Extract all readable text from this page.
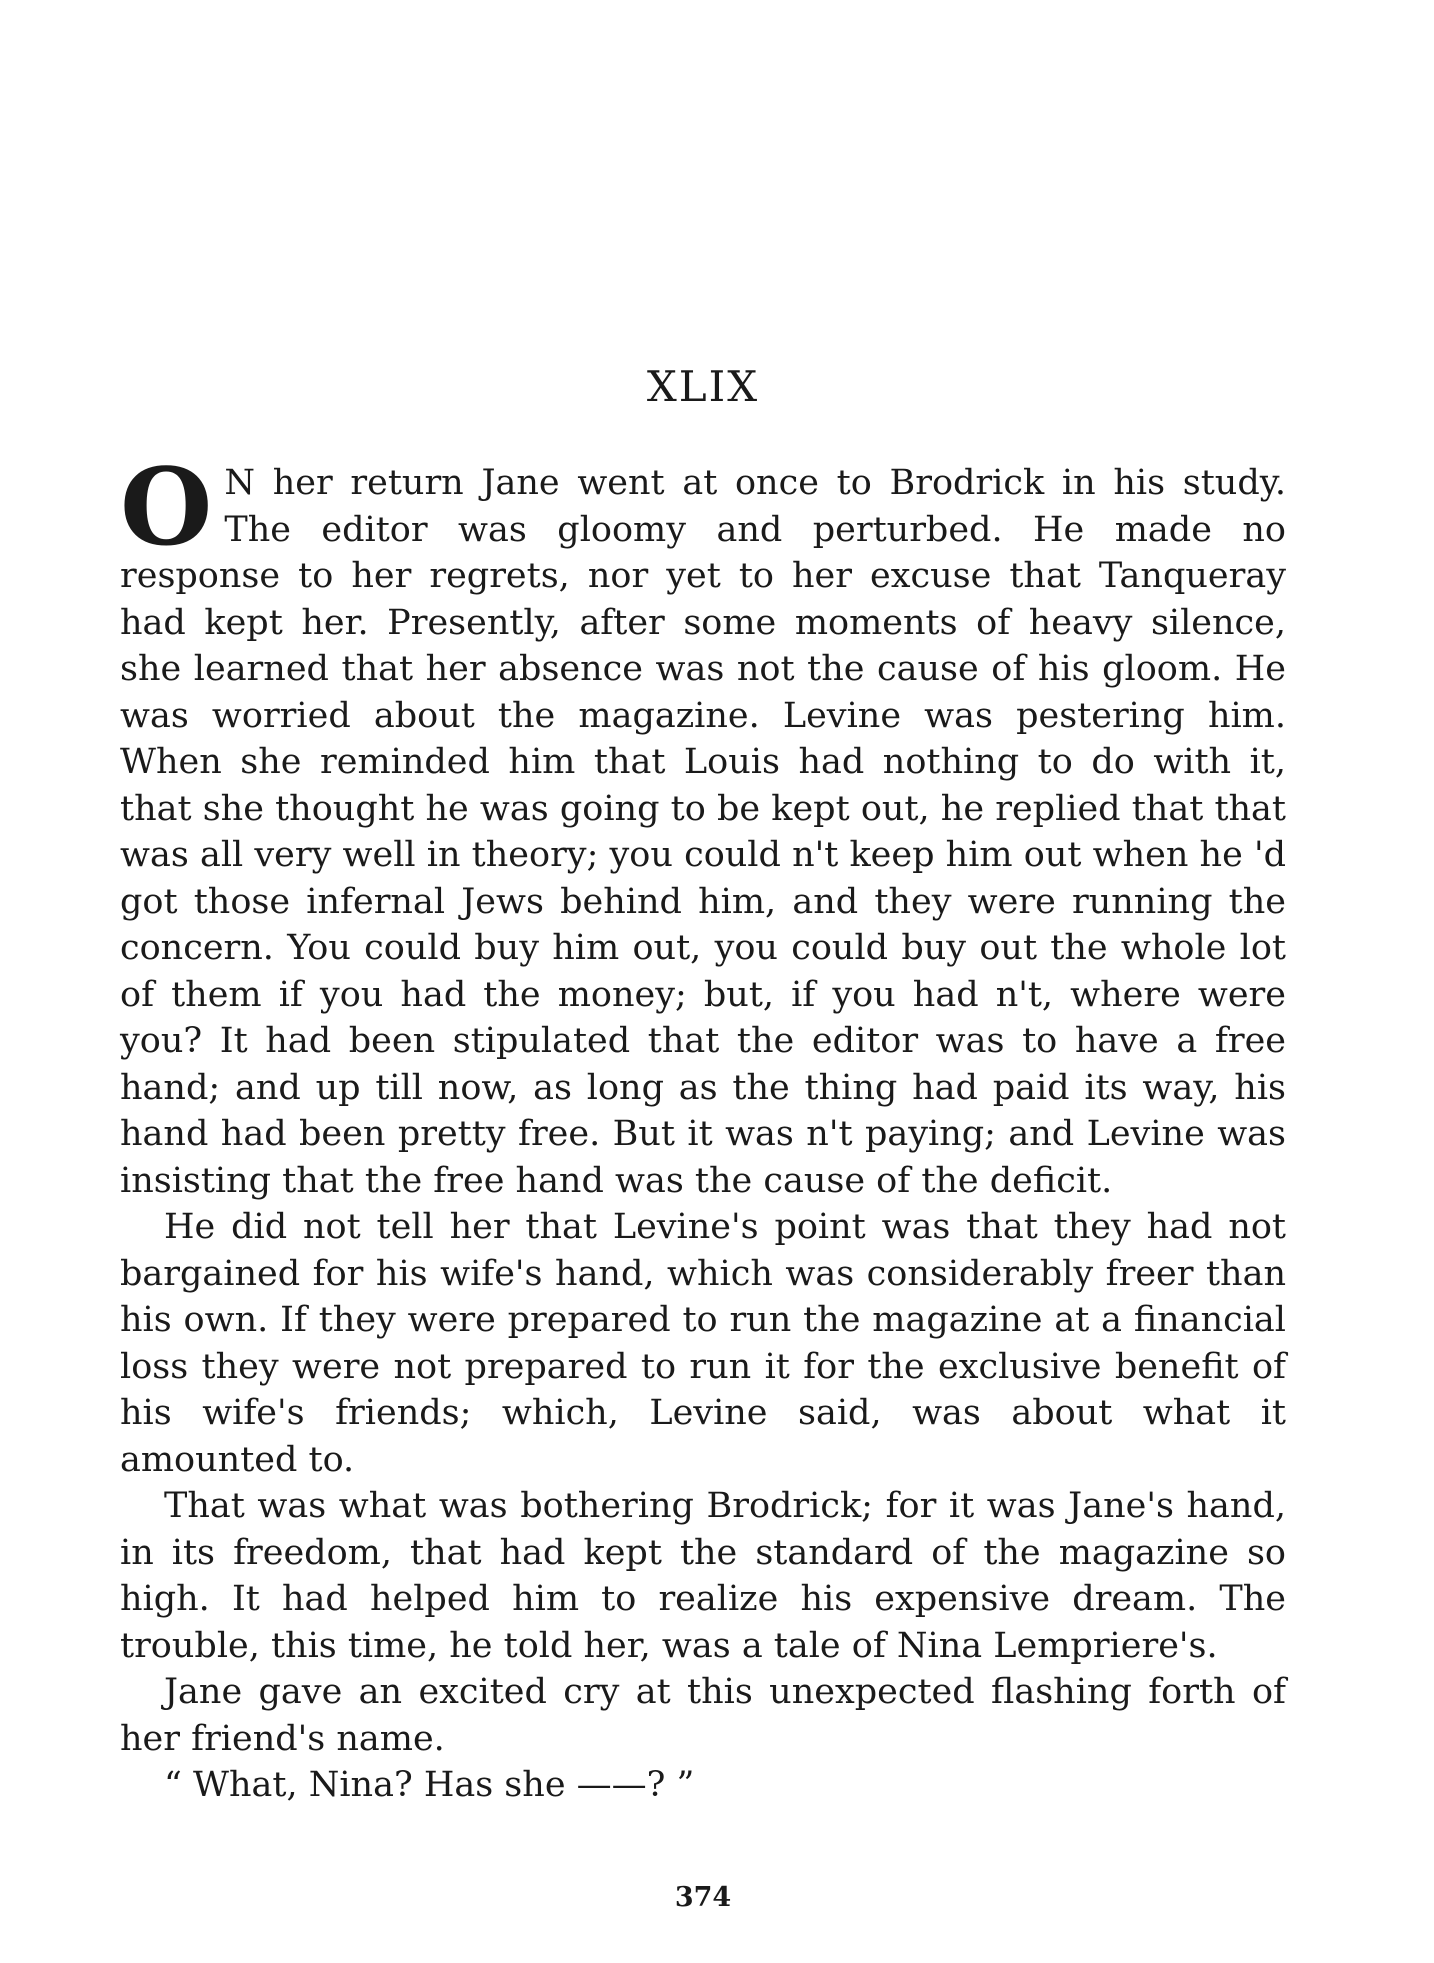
XLIX

O N her return Jane went at once to Brodrick in his study. The editor was gloomy and perturbed. He made no response to her regrets, nor yet to her excuse that Tanqueray had kept her. Presently, after some moments of heavy silence, she learned that her absence was not the cause of his gloom. He was worried about the magazine. Levine was pestering him. When she reminded him that Louis had nothing to do with it, that she thought he was going to be kept out, he replied that that was all very well in theory; you could n't keep him out when he 'd got those infernal Jews behind him, and they were running the concern. You could buy him out, you could buy out the whole lot of them if you had the money; but, if you had n't, where were you? It had been stipulated that the editor was to have a free hand; and up till now, as long as the thing had paid its way, his hand had been pretty free. But it was n't paying; and Levine was insisting that the free hand was the cause of the deficit.

He did not tell her that Levine's point was that they had not bargained for his wife's hand, which was considerably freer than his own. If they were prepared to run the magazine at a financial loss they were not prepared to run it for the exclusive benefit of his wife's friends; which, Levine said, was about what it amounted to.

That was what was bothering Brodrick; for it was Jane's hand, in its freedom, that had kept the standard of the magazine so high. It had helped him to realize his expensive dream. The trouble, this time, he told her, was a tale of Nina Lempriere's.

Jane gave an excited cry at this unexpected flashing forth of her friend's name.

“ What, Nina? Has she ——? ”

374
